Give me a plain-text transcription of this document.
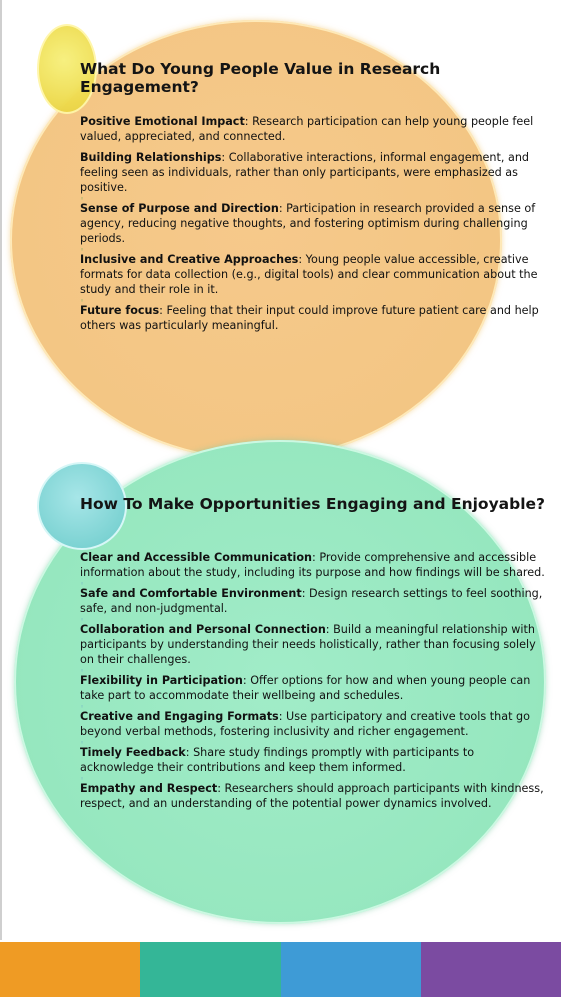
What Do Young People Value in Research Engagement?
Positive Emotional Impact: Research participation can help young people feel valued, appreciated, and connected.
Building Relationships: Collaborative interactions, informal engagement, and feeling seen as individuals, rather than only participants, were emphasized as positive.
◦
Sense of Purpose and Direction: Participation in research provided a sense of agency, reducing negative thoughts, and fostering optimism during challenging periods.
◦
Inclusive and Creative Approaches: Young people value accessible, creative formats for data collection (e.g., digital tools) and clear communication about the study and their role in it.
◦
Future focus: Feeling that their input could improve future patient care and help others was particularly meaningful.
How To Make Opportunities Engaging and Enjoyable?
Clear and Accessible Communication: Provide comprehensive and accessible information about the study, including its purpose and how findings will be shared.
◦
Safe and Comfortable Environment: Design research settings to feel soothing, safe, and non-judgmental.
◦
Collaboration and Personal Connection: Build a meaningful relationship with participants by understanding their needs holistically, rather than focusing solely on their challenges.
◦
Flexibility in Participation: Offer options for how and when young people can take part to accommodate their wellbeing and schedules.
◦
Creative and Engaging Formats: Use participatory and creative tools that go beyond verbal methods, fostering inclusivity and richer engagement.
◦
Timely Feedback: Share study findings promptly with participants to acknowledge their contributions and keep them informed.
◦
Empathy and Respect: Researchers should approach participants with kindness, respect, and an understanding of the potential power dynamics involved.
